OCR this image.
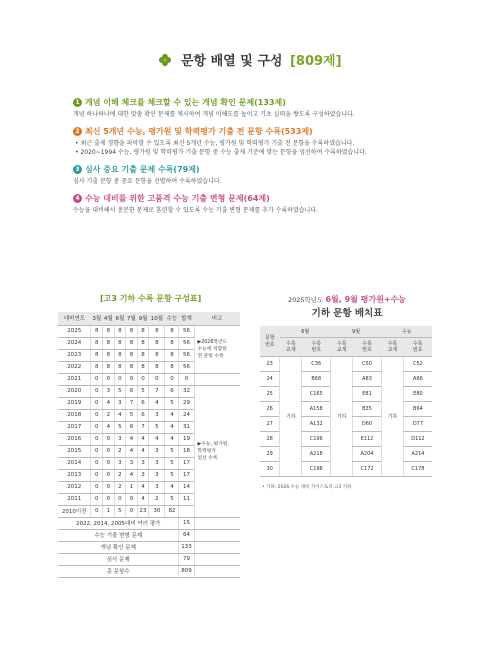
문항 배열 및 구성 [809제]
1 개념 이해 체크를 체크할 수 있는 개념 확인 문제(133제)
개념 하나하나에 대한 맞춤 확인 문제를 제시하여 개념 이해도를 높이고 기초 실력을 쌓도록 구성하였습니다.
2 최신 5개년 수능, 평가원 및 학력평가 기출 전 문항 수록(533제)
• 최근 출제 경향을 파악할 수 있도록 최신 5개년 수능, 평가원 및 학력평가 기출 전 문항을 수록하였습니다.
• 2020~1994 수능, 평가원 및 학력평가 기출 문항 중 수능 출제 기준에 맞는 문항을 엄선하여 수록하였습니다.
3 심사 중요 기출 문제 수록(79제)
심사 기출 문항 중 중요 문항을 선별하여 수록하였습니다.
4 수능 대비를 위한 고품격 수능 기출 변형 문제(64제)
수능을 대비해서 충분한 문제로 훈련할 수 있도록 수능 기출 변형 문제를 추가 수록하였습니다.
[고3 기하 수록 문항 구성표]
대비연도	3월	4월	6월	7월	9월	10월	수능	합계	비고
2025	8	8	8	8	8	8	8	56	▶2026학년도
수능에 적합한
전 문항 수록
2024	8	8	8	8	8	8	8	56	
2023	8	8	8	8	8	8	8	56	
2022	8	8	8	8	8	8	8	56	
2021	0	0	0	0	0	0	0	0	
2020	0	3	5	6	5	7	6	32	▶수능, 평가원,
학력평가
엄선 수록
2019	0	4	3	7	6	4	5	29	
2018	0	2	4	5	6	3	4	24	
2017	0	4	5	6	7	5	4	31	
2016	0	0	3	4	4	4	4	19	
2015	0	0	2	4	4	3	5	18	
2014	0	0	3	3	3	3	5	17	
2013	0	0	2	4	3	3	5	17	
2012	0	0	2	1	4	3	4	14	
2011	0	0	0	0	4	2	5	11	
2010이전	0	1	5	0	23	30	82		
2022, 2014, 2005대비 여러 평가								15	
수능 기출 변형 문제								64	
개념 확인 문제								133	
심사 문제								79	
총 문항수								809	
2025학년도 6월, 9월 평가원+수능
기하 문항 배치표
문항
번호	6월		9월		수능	
	수록
교재	수록
번호	수록
교재	수록
번호	수록
교재	수록
번호
23	기하	C36	기하	C50	기하	C52
24		B68		A83		A66
25		C165		E81		E80
26		A158		B35		B64
27		A132		D60		D77
28		C196		E112		D112
29		A218		A204		A214
30		C198		C172		C178
• 기하: 2026 수능 대비 자이스토리 고3 기하
